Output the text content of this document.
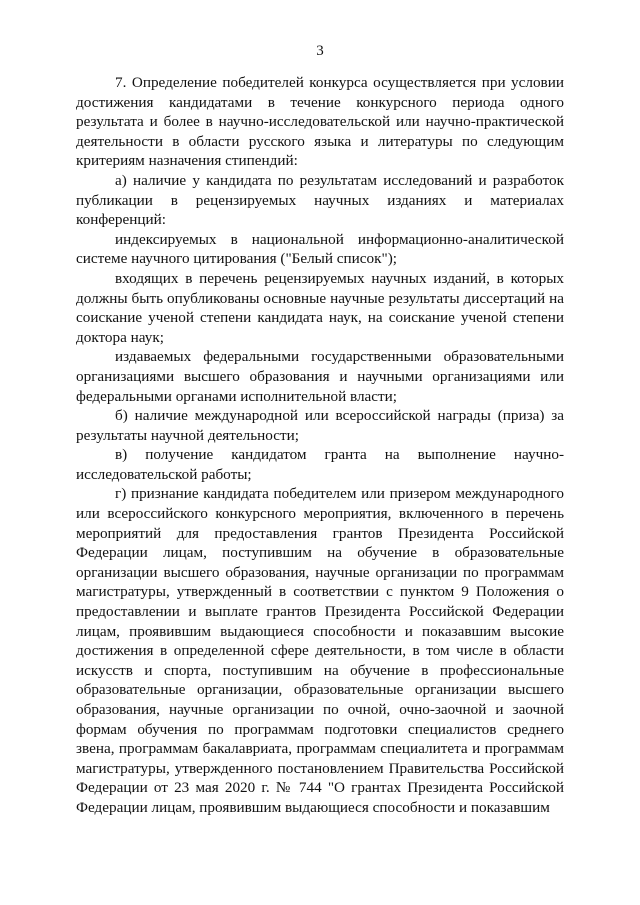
3

7. Определение победителей конкурса осуществляется при условии достижения кандидатами в течение конкурсного периода одного результата и более в научно-исследовательской или научно-практической деятельности в области русского языка и литературы по следующим критериям назначения стипендий:

а) наличие у кандидата по результатам исследований и разработок публикации в рецензируемых научных изданиях и материалах конференций:

индексируемых в национальной информационно-аналитической системе научного цитирования ("Белый список");

входящих в перечень рецензируемых научных изданий, в которых должны быть опубликованы основные научные результаты диссертаций на соискание ученой степени кандидата наук, на соискание ученой степени доктора наук;

издаваемых федеральными государственными образовательными организациями высшего образования и научными организациями или федеральными органами исполнительной власти;

б) наличие международной или всероссийской награды (приза) за результаты научной деятельности;

в) получение кандидатом гранта на выполнение научно-исследовательской работы;

г) признание кандидата победителем или призером международного или всероссийского конкурсного мероприятия, включенного в перечень мероприятий для предоставления грантов Президента Российской Федерации лицам, поступившим на обучение в образовательные организации высшего образования, научные организации по программам магистратуры, утвержденный в соответствии с пунктом 9 Положения о предоставлении и выплате грантов Президента Российской Федерации лицам, проявившим выдающиеся способности и показавшим высокие достижения в определенной сфере деятельности, в том числе в области искусств и спорта, поступившим на обучение в профессиональные образовательные организации, образовательные организации высшего образования, научные организации по очной, очно-заочной и заочной формам обучения по программам подготовки специалистов среднего звена, программам бакалавриата, программам специалитета и программам магистратуры, утвержденного постановлением Правительства Российской Федерации от 23 мая 2020 г. № 744 "О грантах Президента Российской Федерации лицам, проявившим выдающиеся способности и показавшим
